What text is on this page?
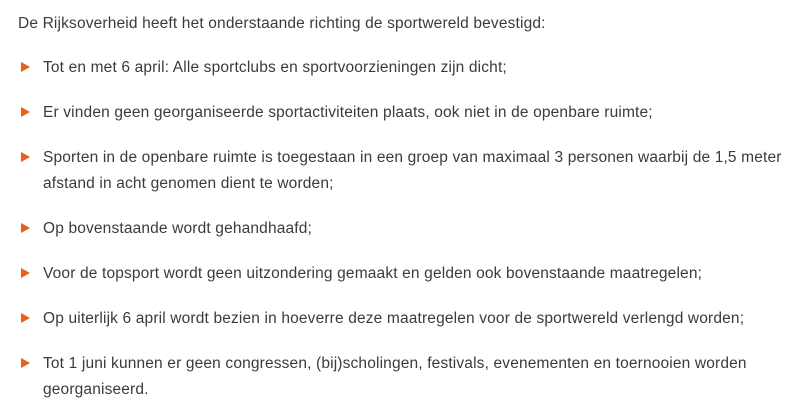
De Rijksoverheid heeft het onderstaande richting de sportwereld bevestigd:

Tot en met 6 april: Alle sportclubs en sportvoorzieningen zijn dicht;
Er vinden geen georganiseerde sportactiviteiten plaats, ook niet in de openbare ruimte;
Sporten in de openbare ruimte is toegestaan in een groep van maximaal 3 personen waarbij de 1,5 meter afstand in acht genomen dient te worden;
Op bovenstaande wordt gehandhaafd;
Voor de topsport wordt geen uitzondering gemaakt en gelden ook bovenstaande maatregelen;
Op uiterlijk 6 april wordt bezien in hoeverre deze maatregelen voor de sportwereld verlengd worden;
Tot 1 juni kunnen er geen congressen, (bij)scholingen, festivals, evenementen en toernooien worden georganiseerd.
